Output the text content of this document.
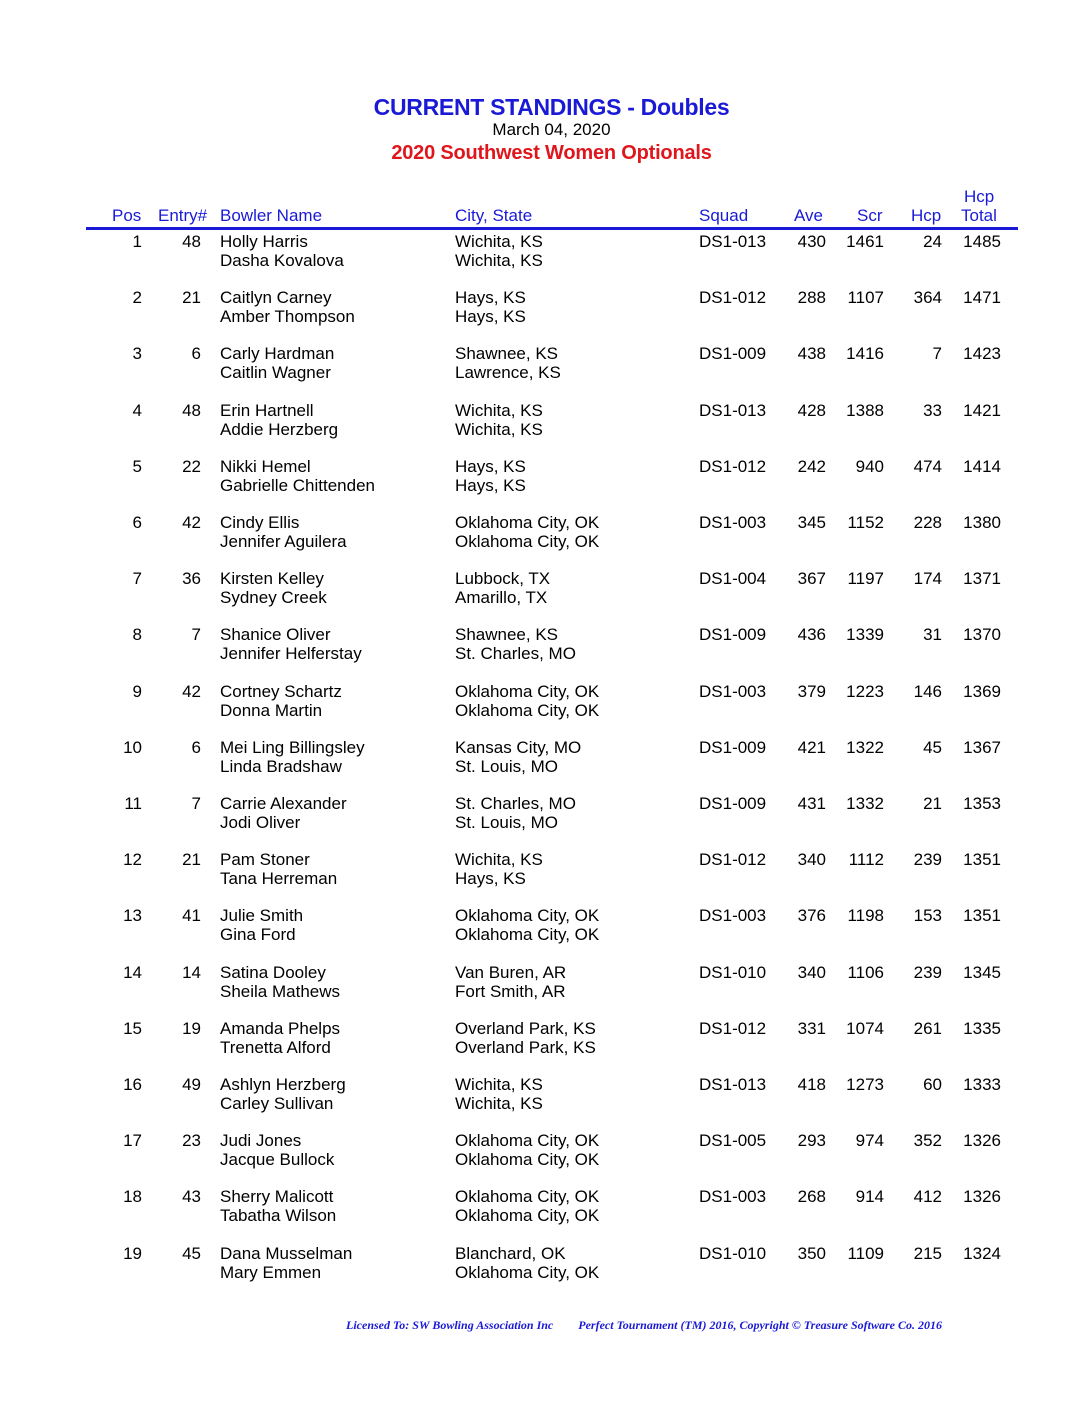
CURRENT STANDINGS - Doubles
March 04, 2020
2020 Southwest Women Optionals
Pos Entry# Bowler Name	City, State	Squad	Ave Scr Hcp
Hcp
Total
1 48 Holly Harris	Wichita, KS	DS1-013 430 1461 24 1485
Dasha Kovalova	Wichita, KS
2 21 Caitlyn Carney	Hays, KS	DS1-012 288 1107 364 1471
Amber Thompson	Hays, KS
3	6 Carly Hardman	Shawnee, KS	DS1-009 438 1416	7 1423
Caitlin Wagner	Lawrence, KS
4 48 Erin Hartnell	Wichita, KS	DS1-013 428 1388 33 1421
Addie Herzberg	Wichita, KS
5 22 Nikki Hemel	Hays, KS	DS1-012 242 940 474 1414
Gabrielle Chittenden	Hays, KS
6 42 Cindy Ellis	Oklahoma City, OK	DS1-003 345 1152 228 1380
Jennifer Aguilera	Oklahoma City, OK
7 36 Kirsten Kelley	Lubbock, TX	DS1-004 367 1197 174 1371
Sydney Creek	Amarillo, TX
8	7 Shanice Oliver	Shawnee, KS	DS1-009 436 1339 31 1370
Jennifer Helferstay	St. Charles, MO
9 42 Cortney Schartz	Oklahoma City, OK	DS1-003 379 1223 146 1369
Donna Martin	Oklahoma City, OK
10	6 Mei Ling Billingsley	Kansas City, MO	DS1-009 421 1322 45 1367
Linda Bradshaw	St. Louis, MO
11	7 Carrie Alexander	St. Charles, MO	DS1-009 431 1332 21 1353
Jodi Oliver	St. Louis, MO
12 21 Pam Stoner	Wichita, KS	DS1-012 340 1112 239 1351
Tana Herreman	Hays, KS
13 41 Julie Smith	Oklahoma City, OK	DS1-003 376 1198 153 1351
Gina Ford	Oklahoma City, OK
14 14 Satina Dooley	Van Buren, AR	DS1-010 340 1106 239 1345
Sheila Mathews	Fort Smith, AR
15 19 Amanda Phelps	Overland Park, KS	DS1-012 331 1074 261 1335
Trenetta Alford	Overland Park, KS
16 49 Ashlyn Herzberg	Wichita, KS	DS1-013 418 1273 60 1333
Carley Sullivan	Wichita, KS
17 23 Judi Jones	Oklahoma City, OK	DS1-005 293 974 352 1326
Jacque Bullock	Oklahoma City, OK
18 43 Sherry Malicott	Oklahoma City, OK	DS1-003 268 914 412 1326
Tabatha Wilson	Oklahoma City, OK
19 45 Dana Musselman	Blanchard, OK	DS1-010 350 1109 215 1324
Mary Emmen	Oklahoma City, OK
Licensed To: SW Bowling Association Inc Perfect Tournament (TM) 2016, Copyright © Treasure Software Co. 2016
